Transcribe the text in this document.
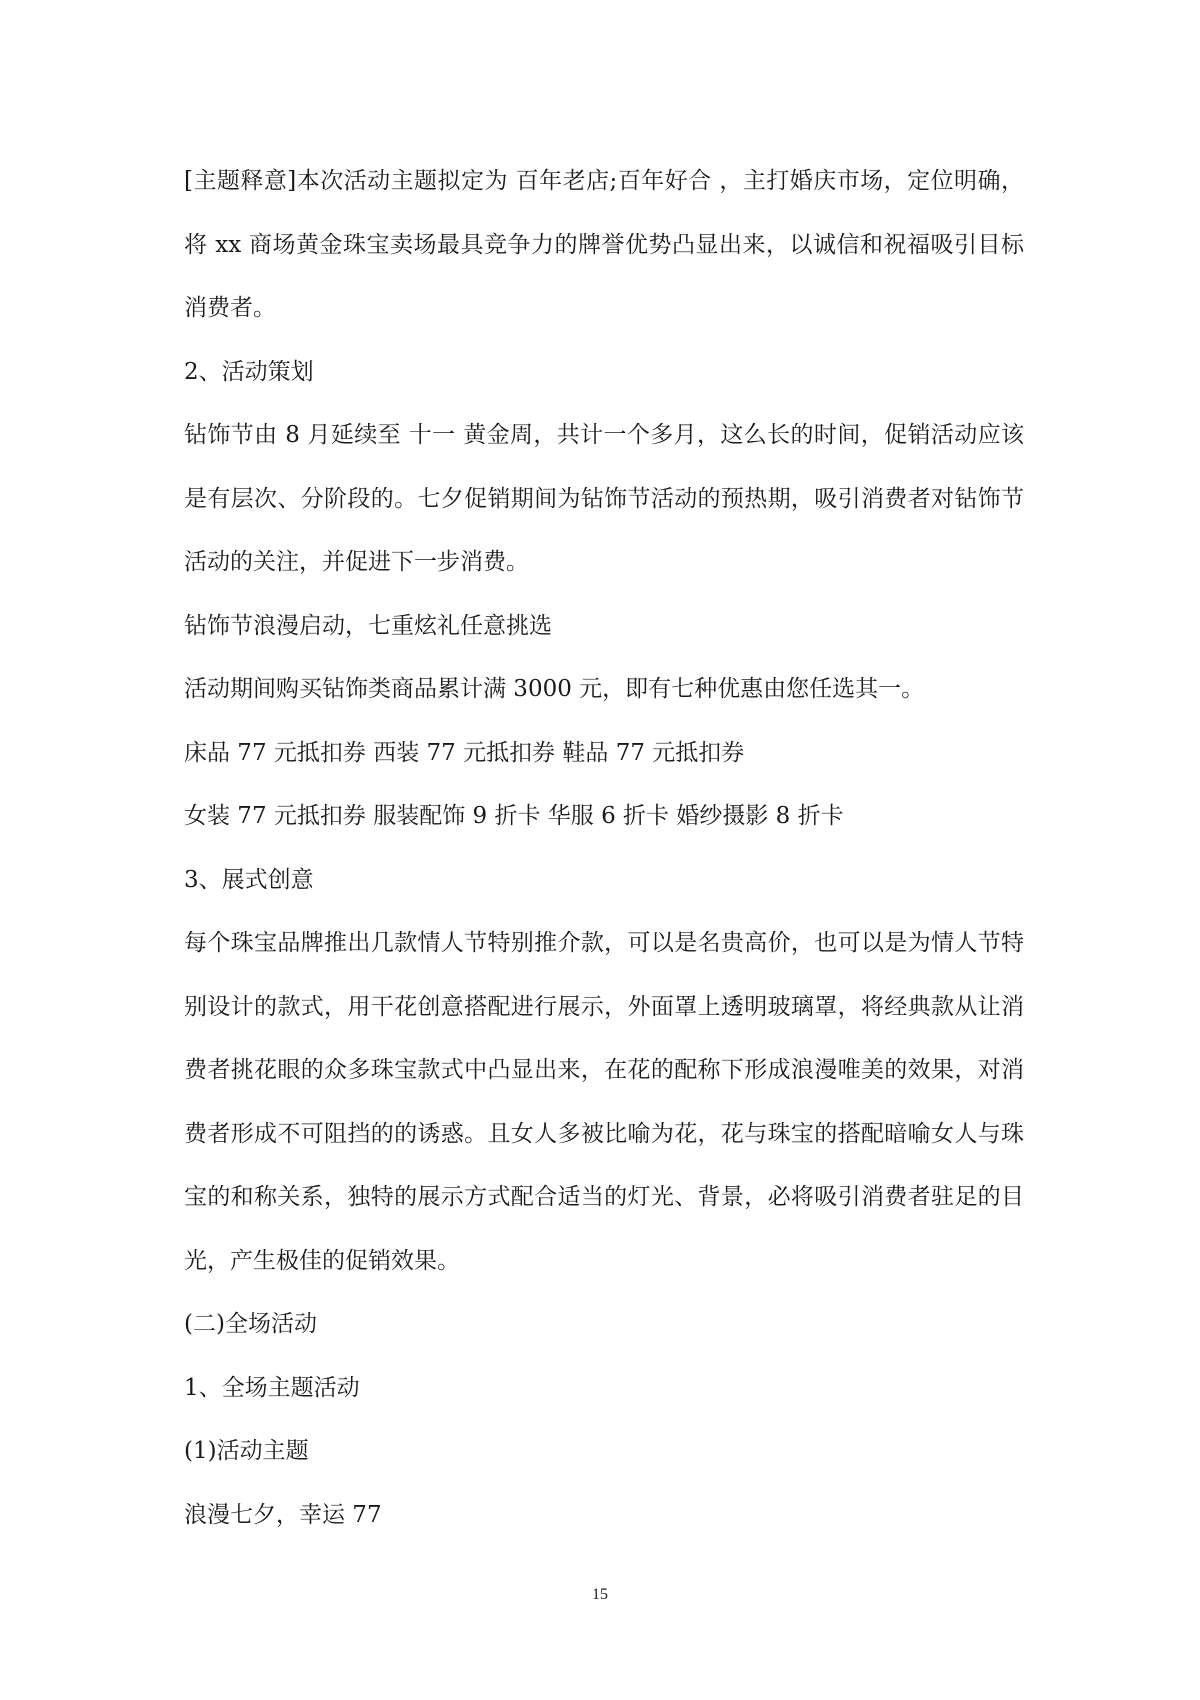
[主题释意]本次活动主题拟定为 百年老店;百年好合 ，主打婚庆市场，定位明确，将 xx 商场黄金珠宝卖场最具竞争力的牌誉优势凸显出来，以诚信和祝福吸引目标消费者。

2、活动策划

钻饰节由 8 月延续至 十一 黄金周，共计一个多月，这么长的时间，促销活动应该是有层次、分阶段的。七夕促销期间为钻饰节活动的预热期，吸引消费者对钻饰节活动的关注，并促进下一步消费。

钻饰节浪漫启动，七重炫礼任意挑选

活动期间购买钻饰类商品累计满 3000 元，即有七种优惠由您任选其一。

床品 77 元抵扣券 西装 77 元抵扣券 鞋品 77 元抵扣券

女装 77 元抵扣券 服装配饰 9 折卡 华服 6 折卡 婚纱摄影 8 折卡

3、展式创意

每个珠宝品牌推出几款情人节特别推介款，可以是名贵高价，也可以是为情人节特别设计的款式，用干花创意搭配进行展示，外面罩上透明玻璃罩，将经典款从让消费者挑花眼的众多珠宝款式中凸显出来，在花的配称下形成浪漫唯美的效果，对消费者形成不可阻挡的的诱惑。且女人多被比喻为花，花与珠宝的搭配暗喻女人与珠宝的和称关系，独特的展示方式配合适当的灯光、背景，必将吸引消费者驻足的目光，产生极佳的促销效果。

(二)全场活动

1、全场主题活动

(1)活动主题

浪漫七夕，幸运 77

15
